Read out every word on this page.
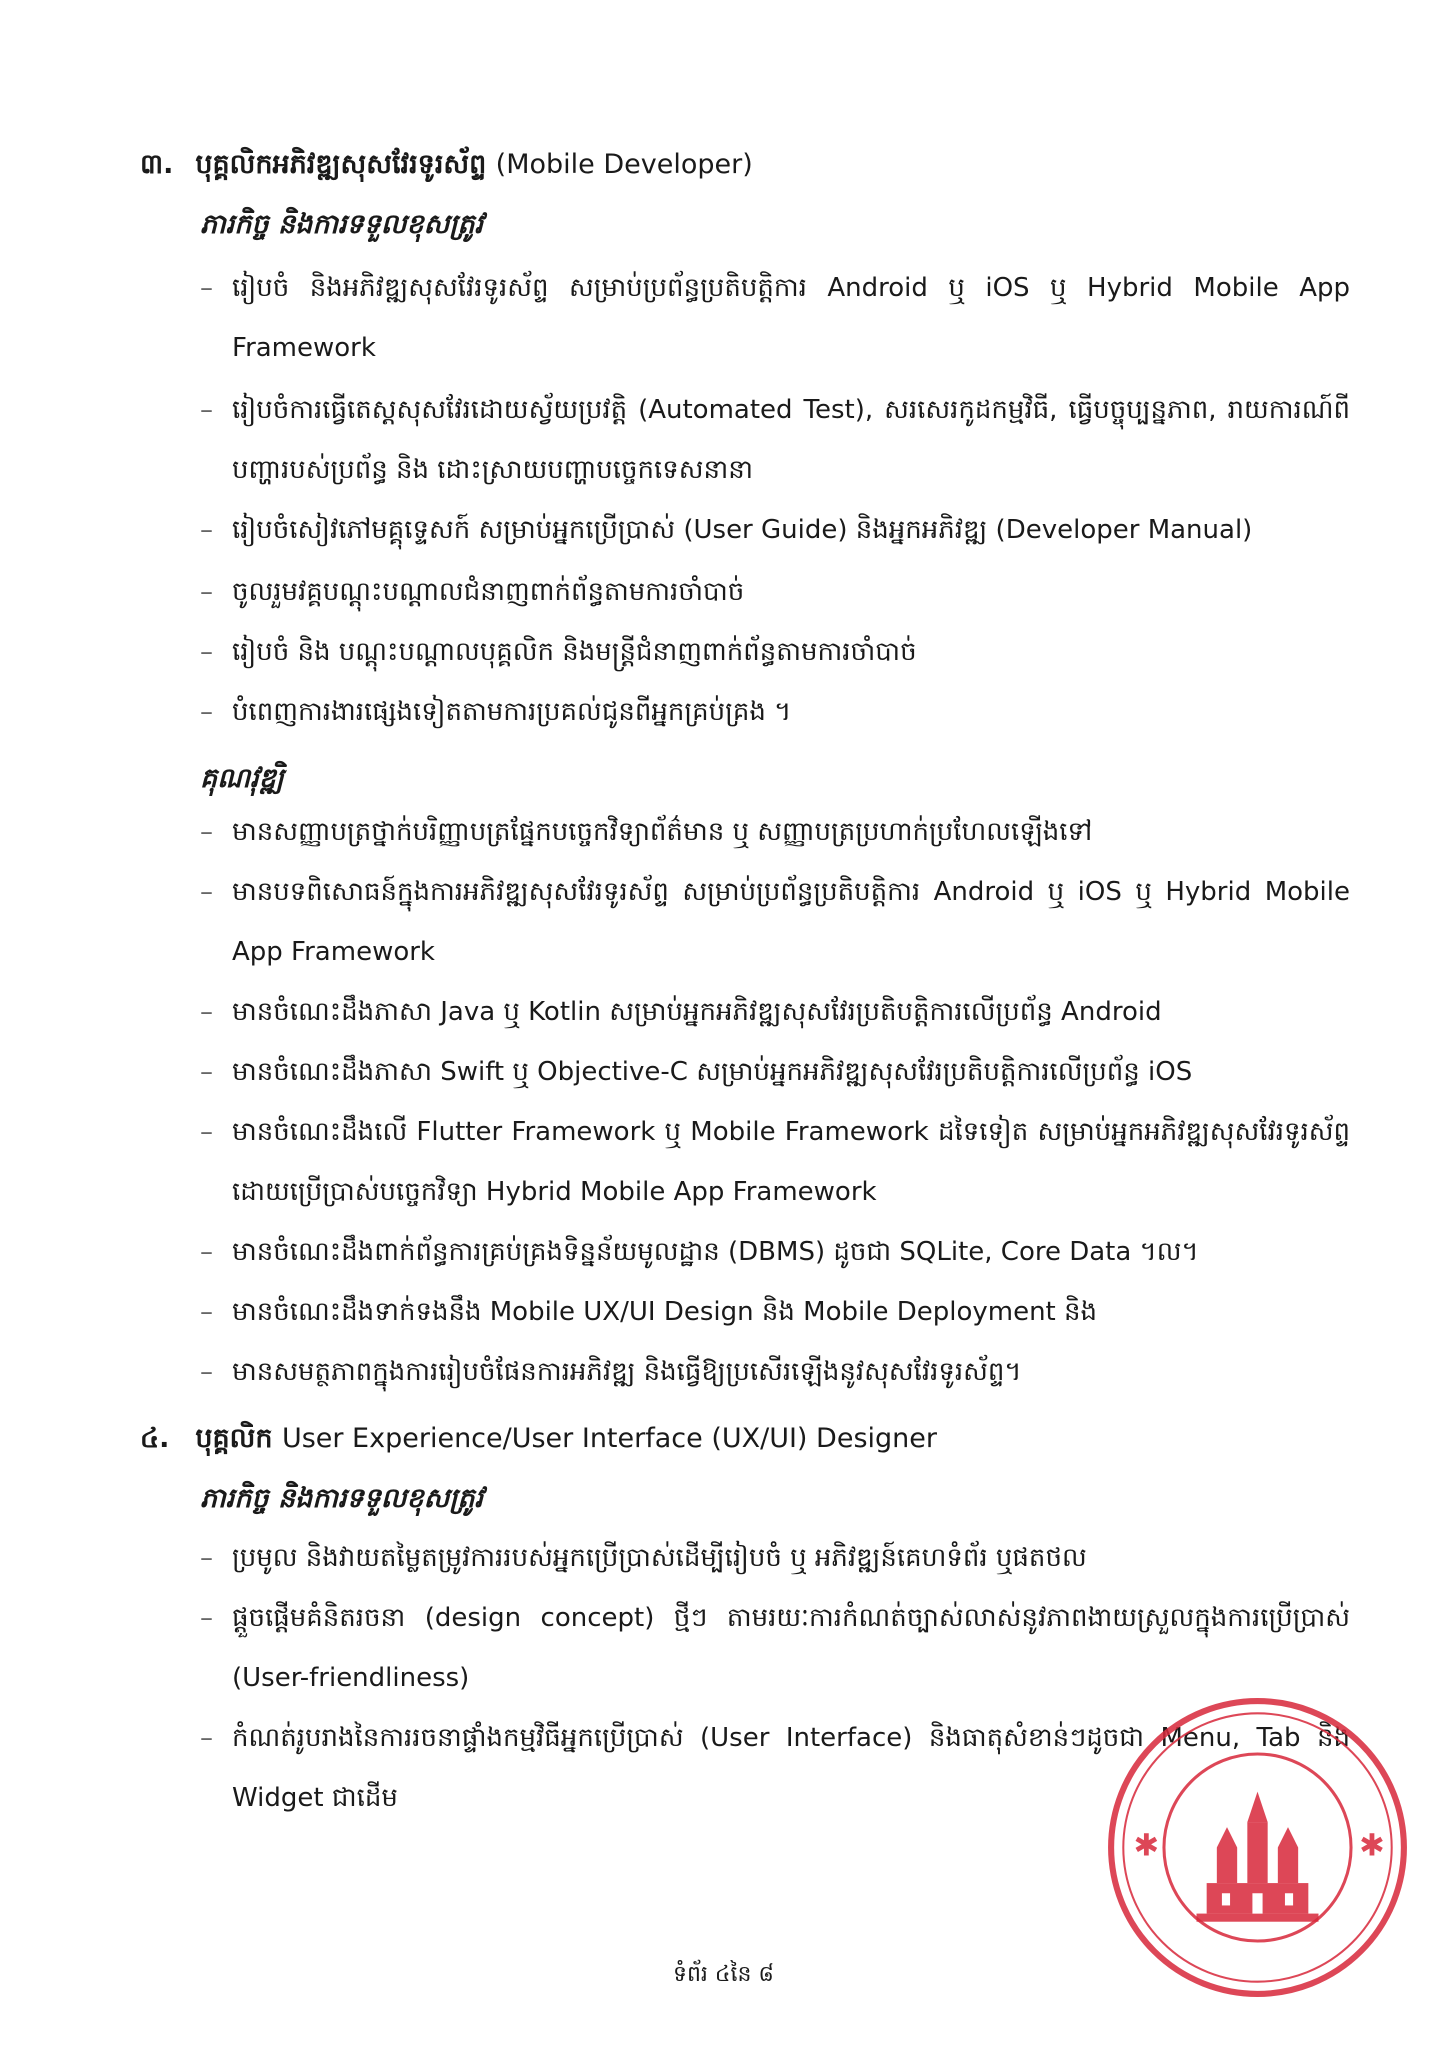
៣. បុគ្គលិកអភិវឌ្ឍសុសវែរទូរស័ព្ទ (Mobile Developer)
ភារកិច្ច និងការទទួលខុសត្រូវ
– រៀបចំ និងអភិវឌ្ឍសុសវែរទូរស័ព្ទ សម្រាប់ប្រព័ន្ធប្រតិបត្តិការ Android ឬ iOS ឬ Hybrid Mobile App Framework
– រៀបចំការធ្វើតេស្តសុសវែរដោយស្វ័យប្រវត្តិ (Automated Test), សរសេរកូដកម្មវិធី, ធ្វើបច្ចុប្បន្នភាព, រាយការណ៍ពីបញ្ហារបស់ប្រព័ន្ធ និង ដោះស្រាយបញ្ហាបច្ចេកទេសនានា
– រៀបចំសៀវភៅមគ្គុទ្ទេសក៍ សម្រាប់អ្នកប្រើប្រាស់ (User Guide) និងអ្នកអភិវឌ្ឍ (Developer Manual)
– ចូលរួមវគ្គបណ្តុះបណ្តាលជំនាញពាក់ព័ន្ធតាមការចាំបាច់
– រៀបចំ និង បណ្តុះបណ្តាលបុគ្គលិក និងមន្ត្រីជំនាញពាក់ព័ន្ធតាមការចាំបាច់
– បំពេញការងារផ្សេងទៀតតាមការប្រគល់ជូនពីអ្នកគ្រប់គ្រង ។
គុណវុឌ្ឍិ
– មានសញ្ញាបត្រថ្នាក់បរិញ្ញាបត្រផ្នែកបច្ចេកវិទ្យាព័ត៌មាន ឬ សញ្ញាបត្រប្រហាក់ប្រហែលឡើងទៅ
– មានបទពិសោធន៍ក្នុងការអភិវឌ្ឍសុសវែរទូរស័ព្ទ សម្រាប់ប្រព័ន្ធប្រតិបត្តិការ Android ឬ iOS ឬ Hybrid Mobile App Framework
– មានចំណេះដឹងភាសា Java ឬ Kotlin សម្រាប់អ្នកអភិវឌ្ឍសុសវែរប្រតិបត្តិការលើប្រព័ន្ធ Android
– មានចំណេះដឹងភាសា Swift ឬ Objective-C សម្រាប់អ្នកអភិវឌ្ឍសុសវែរប្រតិបត្តិការលើប្រព័ន្ធ iOS
– មានចំណេះដឹងលើ Flutter Framework ឬ Mobile Framework ដទៃទៀត សម្រាប់អ្នកអភិវឌ្ឍសុសវែរទូរស័ព្ទដោយប្រើប្រាស់បច្ចេកវិទ្យា Hybrid Mobile App Framework
– មានចំណេះដឹងពាក់ព័ន្ធការគ្រប់គ្រងទិន្នន័យមូលដ្ឋាន (DBMS) ដូចជា SQLite, Core Data ។ល។
– មានចំណេះដឹងទាក់ទងនឹង Mobile UX/UI Design និង Mobile Deployment និង
– មានសមត្ថភាពក្នុងការរៀបចំផែនការអភិវឌ្ឍ និងធ្វើឱ្យប្រសើរឡើងនូវសុសវែរទូរស័ព្ទ។
៤. បុគ្គលិក User Experience/User Interface (UX/UI) Designer
ភារកិច្ច និងការទទួលខុសត្រូវ
– ប្រមូល និងវាយតម្លៃតម្រូវការរបស់អ្នកប្រើប្រាស់ដើម្បីរៀបចំ ឬ អភិវឌ្ឍន៍គេហទំព័រ ឬផតថល
– ផ្តួចផ្តើមគំនិតរចនា (design concept) ថ្មីៗ តាមរយៈការកំណត់ច្បាស់លាស់នូវភាពងាយស្រួលក្នុងការប្រើប្រាស់ (User-friendliness)
– កំណត់រូបរាងនៃការរចនាផ្ទាំងកម្មវិធីអ្នកប្រើប្រាស់ (User Interface) និងធាតុសំខាន់ៗដូចជា Menu, Tab និង Widget ជាដើម
✱	✱
ទំព័រ ៤នៃ ៨
